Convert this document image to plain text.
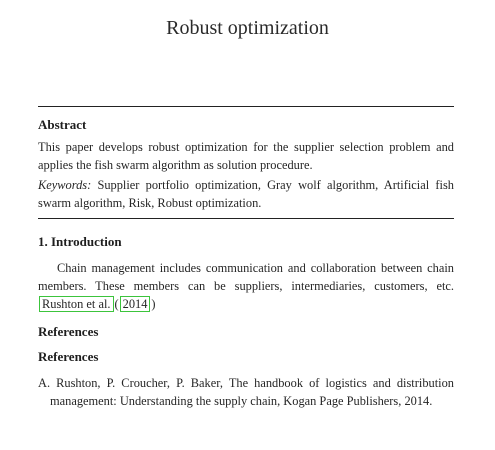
Robust optimization
Abstract
This paper develops robust optimization for the supplier selection problem and applies the fish swarm algorithm as solution procedure.
Keywords: Supplier portfolio optimization, Gray wolf algorithm, Artificial fish swarm algorithm, Risk, Robust optimization.
1. Introduction
Chain management includes communication and collaboration between chain members. These members can be suppliers, intermediaries, customers, etc. Rushton et al. ( 2014 )
References
References
A. Rushton, P. Croucher, P. Baker, The handbook of logistics and distribution management: Understanding the supply chain, Kogan Page Publishers, 2014.
